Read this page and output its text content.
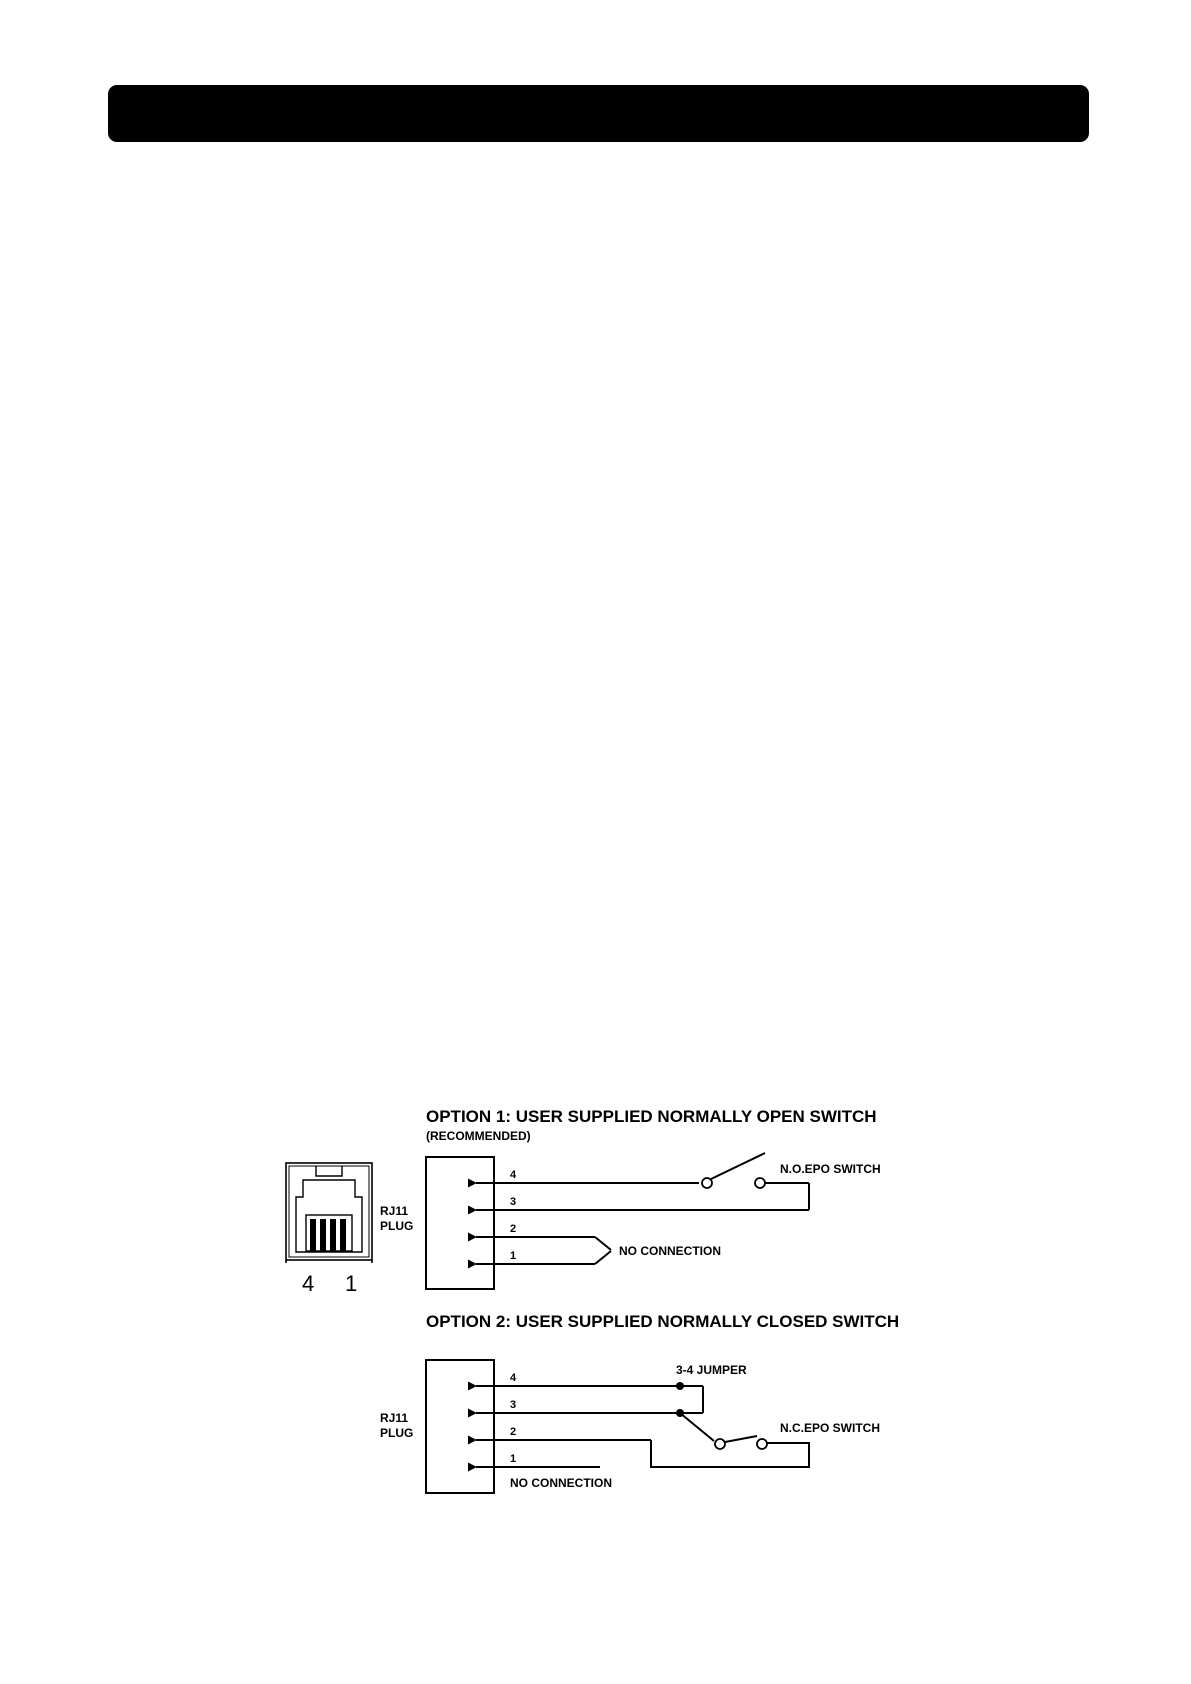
OPTION 1: USER SUPPLIED NORMALLY OPEN SWITCH
(RECOMMENDED)
4 1
RJ11
PLUG
4
3
2
1
N.O.EPO SWITCH
NO CONNECTION
OPTION 2: USER SUPPLIED NORMALLY CLOSED SWITCH
RJ11
PLUG
4
3
2
1
3-4 JUMPER
N.C.EPO SWITCH
NO CONNECTION
